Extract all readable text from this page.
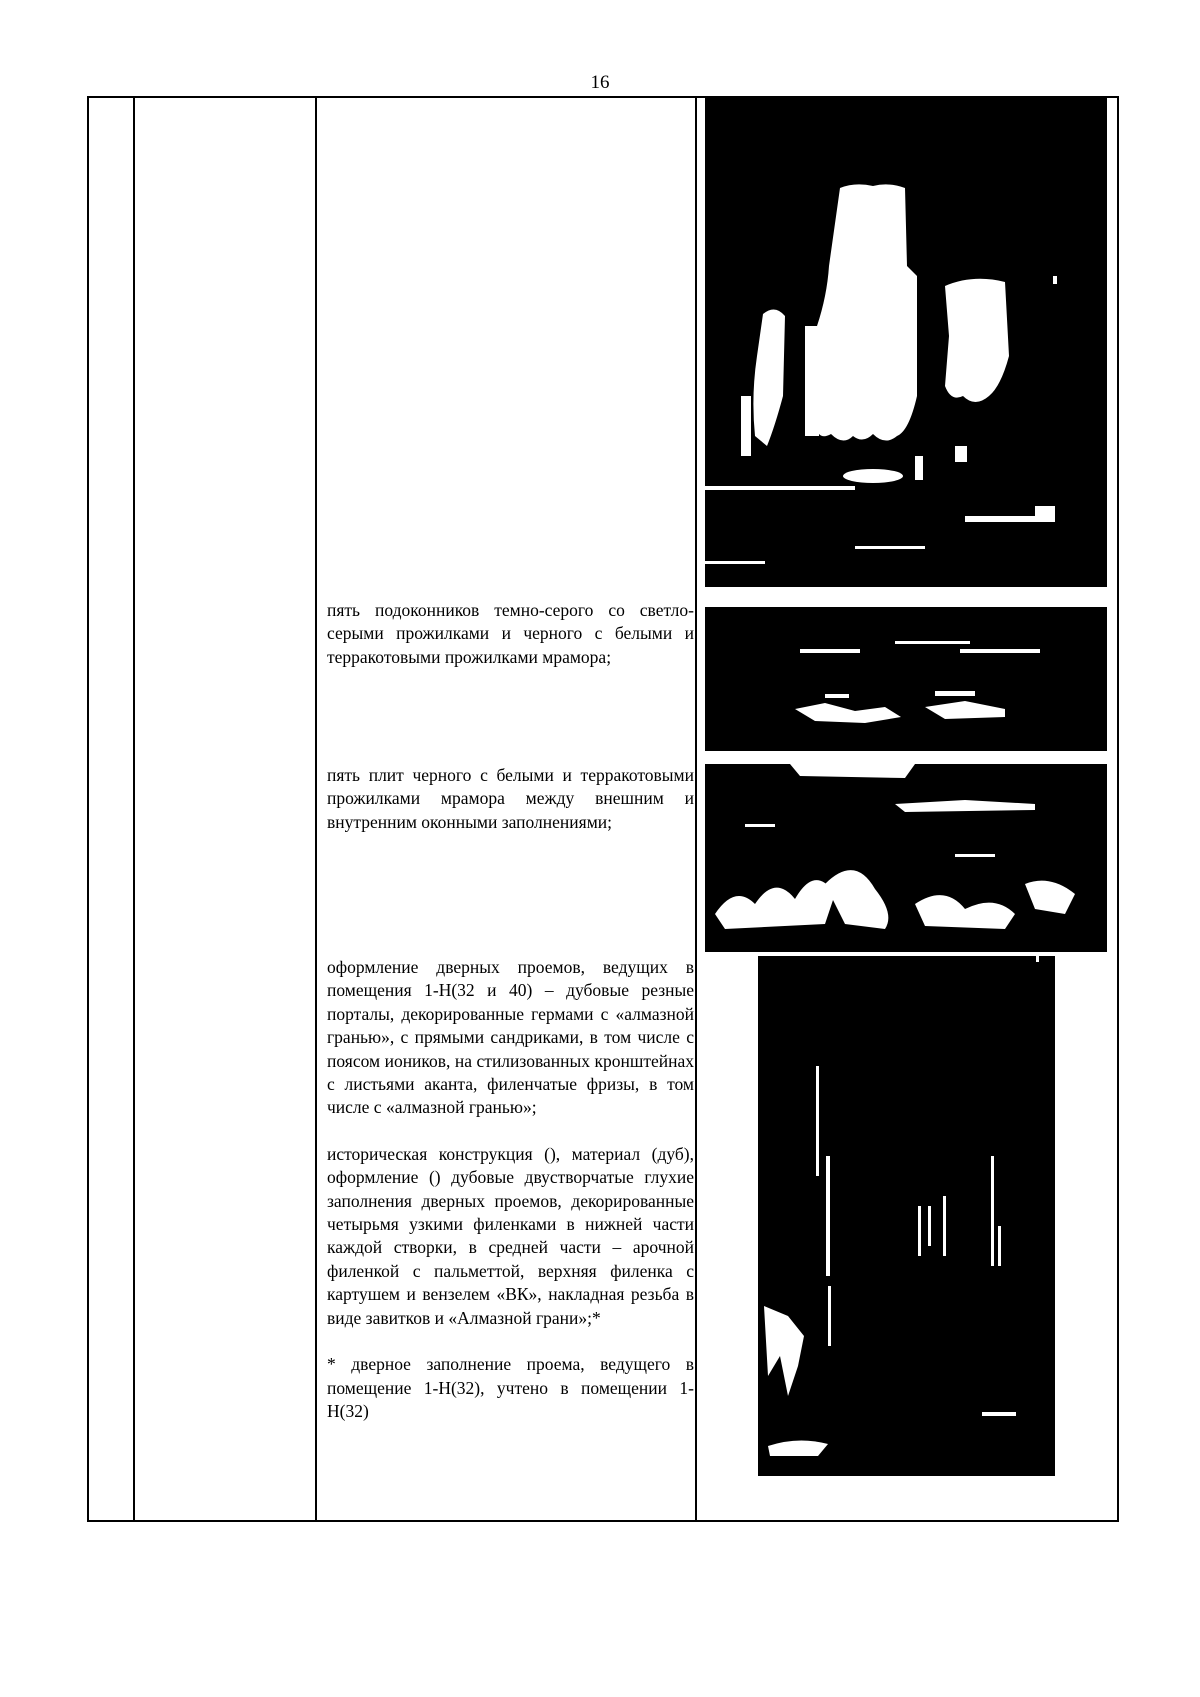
16
пять подоконников темно-серого со светло-серыми прожилками и черного с белыми и терракотовыми прожилками мрамора;
пять плит черного с белыми и терракотовыми прожилками мрамора между внешним и внутренним оконными заполнениями;

оформление дверных проемов, ведущих в помещения 1-Н(32 и 40) – дубовые резные порталы, декорированные гермами с «алмазной гранью», с прямыми сандриками, в том числе с поясом иоников, на стилизованных кронштейнах с листьями аканта, филенчатые фризы, в том числе с «алмазной гранью»;

историческая конструкция (), материал (дуб), оформление () дубовые двустворчатые глухие заполнения дверных проемов, декорированные четырьмя узкими филенками в нижней части каждой створки, в средней части – арочной филенкой с пальметтой, верхняя филенка с картушем и вензелем «ВК», накладная резьба в виде завитков и «Алмазной грани»;*

* дверное заполнение проема, ведущего в помещение 1-Н(32), учтено в помещении 1-Н(32)
